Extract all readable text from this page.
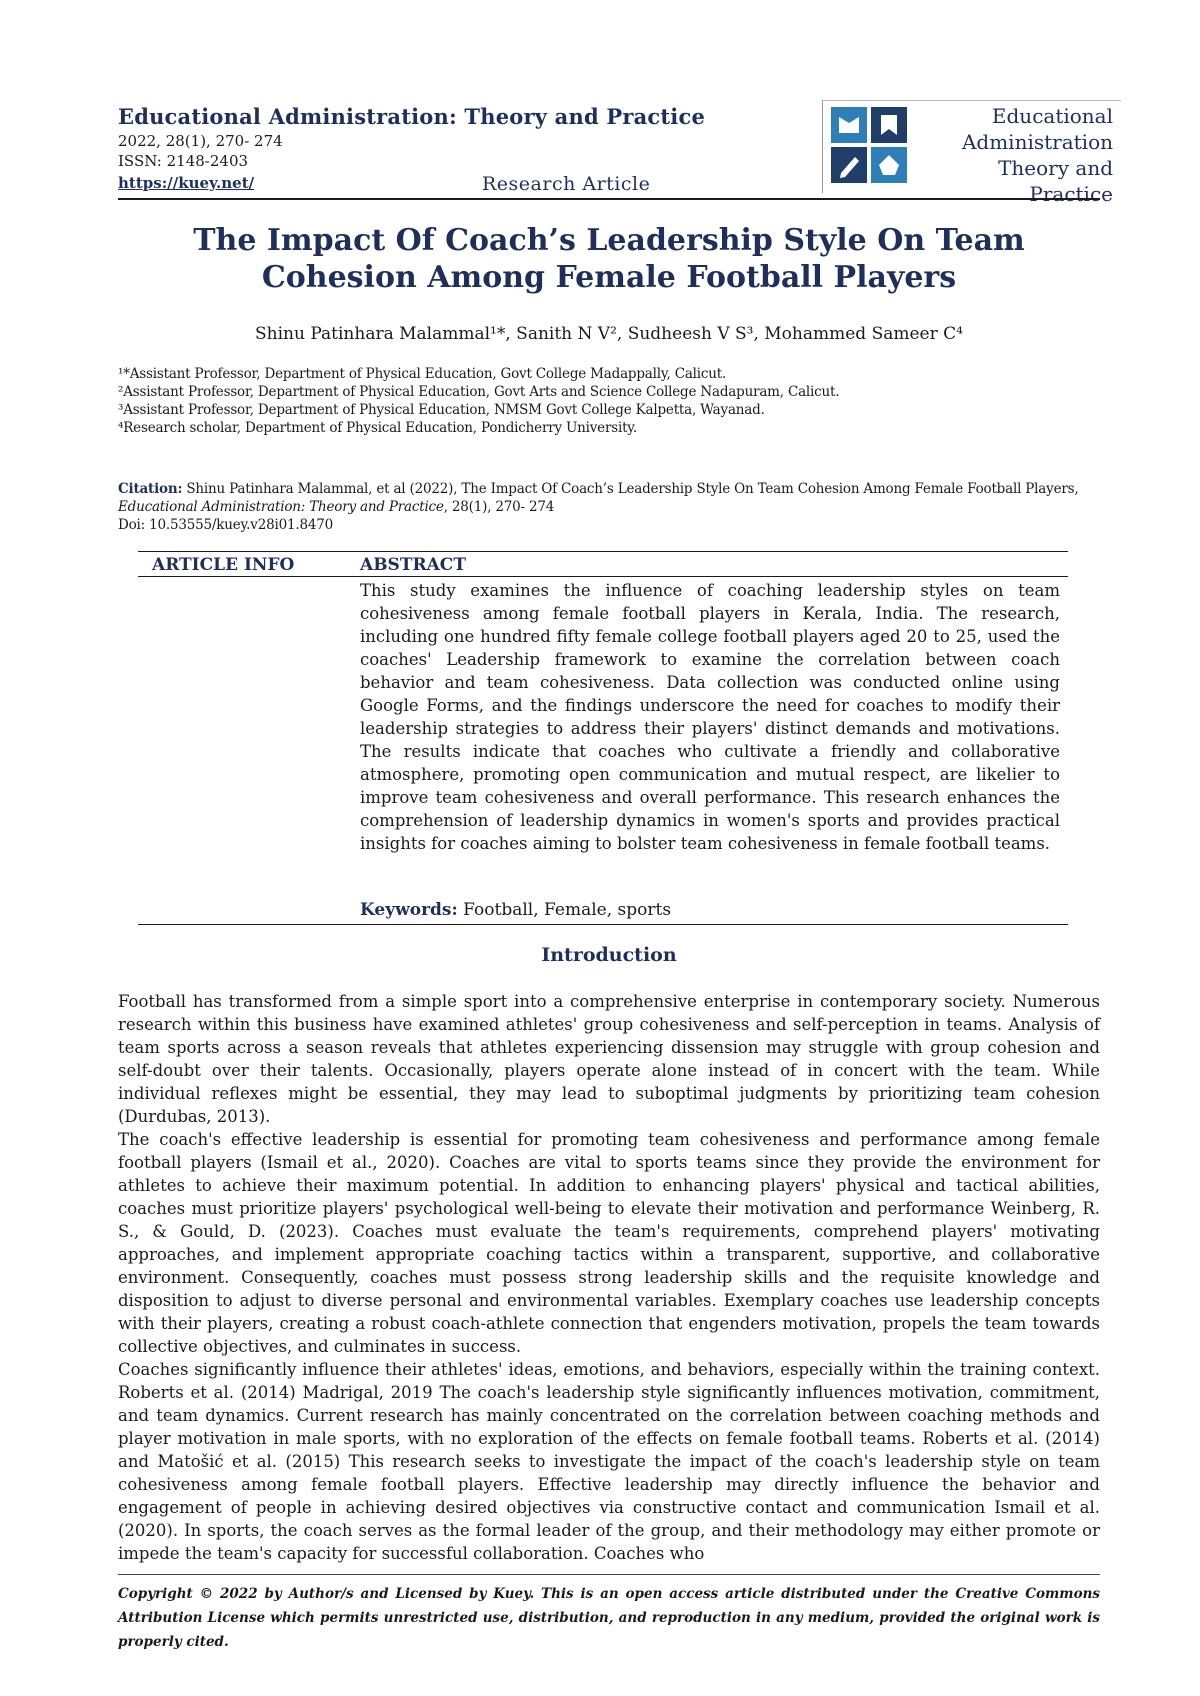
Educational Administration: Theory and Practice
2022, 28(1), 270- 274
ISSN: 2148-2403
https://kuey.net/	Research Article
Educational
Administration
Theory and Practice
The Impact Of Coach’s Leadership Style On Team
Cohesion Among Female Football Players
Shinu Patinhara Malammal¹*, Sanith N V², Sudheesh V S³, Mohammed Sameer C⁴
¹*Assistant Professor, Department of Physical Education, Govt College Madappally, Calicut.
²Assistant Professor, Department of Physical Education, Govt Arts and Science College Nadapuram, Calicut.
³Assistant Professor, Department of Physical Education, NMSM Govt College Kalpetta, Wayanad.
⁴Research scholar, Department of Physical Education, Pondicherry University.
Citation: Shinu Patinhara Malammal, et al (2022), The Impact Of Coach’s Leadership Style On Team Cohesion Among Female Football Players, Educational Administration: Theory and Practice, 28(1), 270- 274
Doi: 10.53555/kuey.v28i01.8470
ARTICLE INFO	ABSTRACT
This study examines the influence of coaching leadership styles on team cohesiveness among female football players in Kerala, India. The research, including one hundred fifty female college football players aged 20 to 25, used the coaches' Leadership framework to examine the correlation between coach behavior and team cohesiveness. Data collection was conducted online using Google Forms, and the findings underscore the need for coaches to modify their leadership strategies to address their players' distinct demands and motivations. The results indicate that coaches who cultivate a friendly and collaborative atmosphere, promoting open communication and mutual respect, are likelier to improve team cohesiveness and overall performance. This research enhances the comprehension of leadership dynamics in women's sports and provides practical insights for coaches aiming to bolster team cohesiveness in female football teams.
Keywords: Football, Female, sports
Introduction

Football has transformed from a simple sport into a comprehensive enterprise in contemporary society. Numerous research within this business have examined athletes' group cohesiveness and self-perception in teams. Analysis of team sports across a season reveals that athletes experiencing dissension may struggle with group cohesion and self-doubt over their talents. Occasionally, players operate alone instead of in concert with the team. While individual reflexes might be essential, they may lead to suboptimal judgments by prioritizing team cohesion (Durdubas, 2013).

The coach's effective leadership is essential for promoting team cohesiveness and performance among female football players (Ismail et al., 2020). Coaches are vital to sports teams since they provide the environment for athletes to achieve their maximum potential. In addition to enhancing players' physical and tactical abilities, coaches must prioritize players' psychological well-being to elevate their motivation and performance Weinberg, R. S., & Gould, D. (2023). Coaches must evaluate the team's requirements, comprehend players' motivating approaches, and implement appropriate coaching tactics within a transparent, supportive, and collaborative environment. Consequently, coaches must possess strong leadership skills and the requisite knowledge and disposition to adjust to diverse personal and environmental variables. Exemplary coaches use leadership concepts with their players, creating a robust coach-athlete connection that engenders motivation, propels the team towards collective objectives, and culminates in success.

Coaches significantly influence their athletes' ideas, emotions, and behaviors, especially within the training context. Roberts et al. (2014) Madrigal, 2019 The coach's leadership style significantly influences motivation, commitment, and team dynamics. Current research has mainly concentrated on the correlation between coaching methods and player motivation in male sports, with no exploration of the effects on female football teams. Roberts et al. (2014) and Matošić et al. (2015) This research seeks to investigate the impact of the coach's leadership style on team cohesiveness among female football players. Effective leadership may directly influence the behavior and engagement of people in achieving desired objectives via constructive contact and communication Ismail et al. (2020). In sports, the coach serves as the formal leader of the group, and their methodology may either promote or impede the team's capacity for successful collaboration. Coaches who

Copyright © 2022 by Author/s and Licensed by Kuey. This is an open access article distributed under the Creative Commons Attribution License which permits unrestricted use, distribution, and reproduction in any medium, provided the original work is properly cited.
